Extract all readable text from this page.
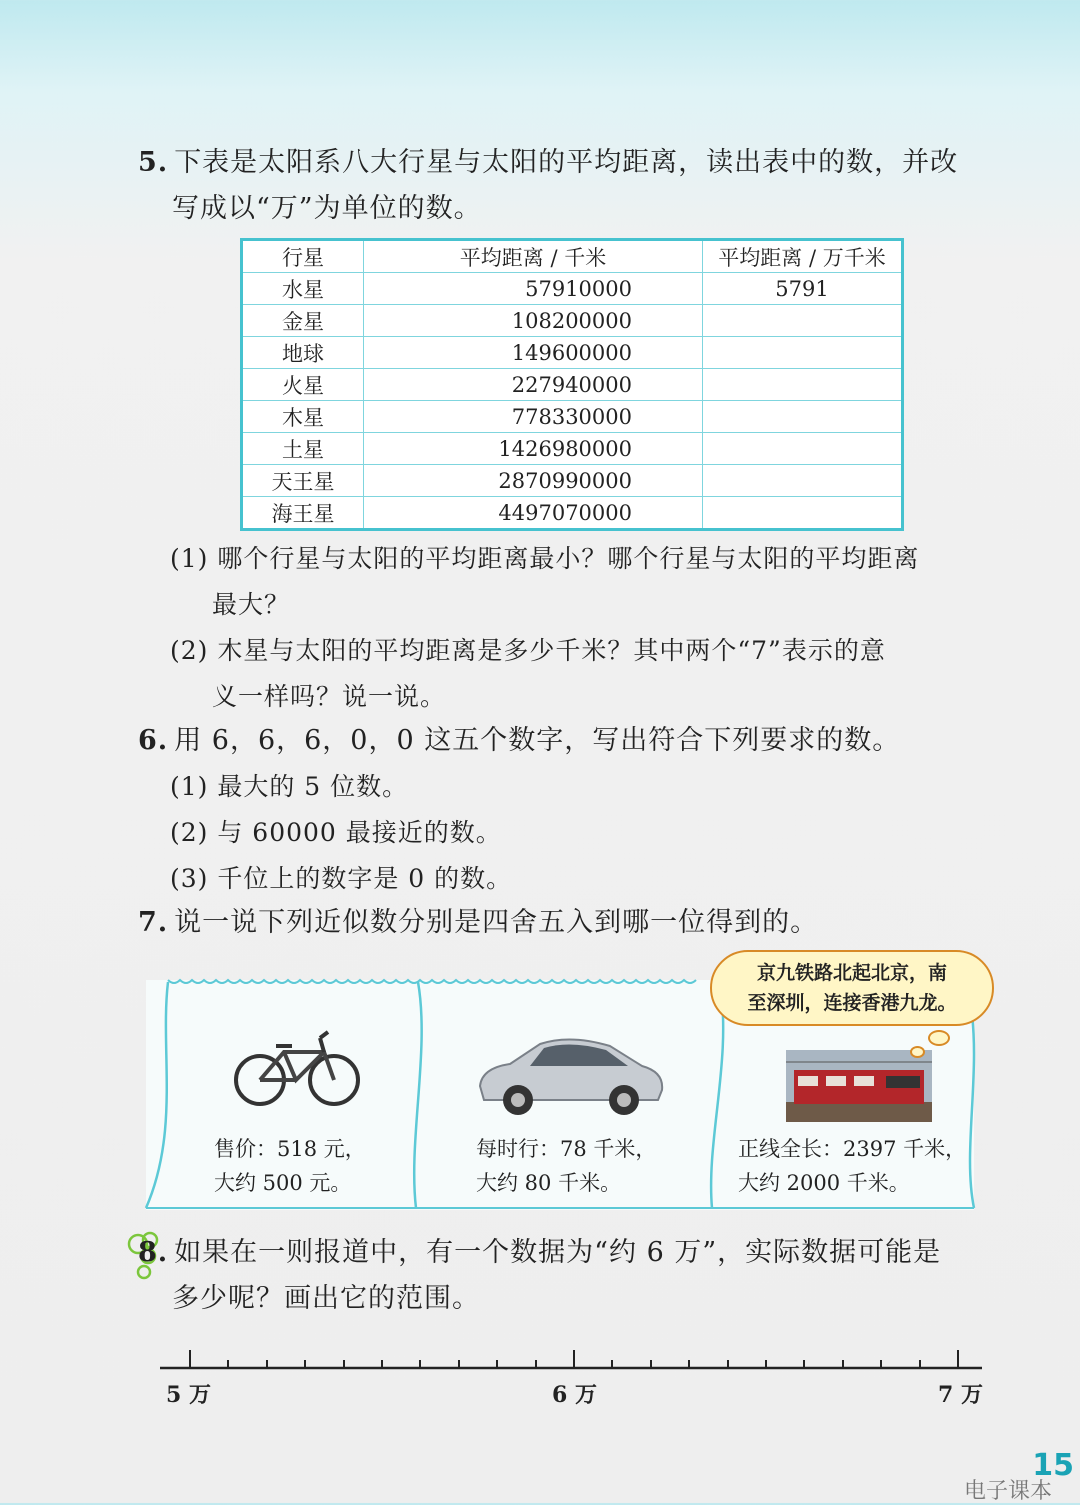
5. 下表是太阳系八大行星与太阳的平均距离，读出表中的数，并改
写成以“万”为单位的数。
行星	平均距离 / 千米	平均距离 / 万千米
水星	57910000	5791
金星	108200000	
地球	149600000	
火星	227940000	
木星	778330000	
土星	1426980000	
天王星	2870990000	
海王星	4497070000	
(1) 哪个行星与太阳的平均距离最小？哪个行星与太阳的平均距离
最大？
(2) 木星与太阳的平均距离是多少千米？其中两个“7”表示的意
义一样吗？说一说。
6. 用 6，6，6，0，0 这五个数字，写出符合下列要求的数。
(1) 最大的 5 位数。
(2) 与 60000 最接近的数。
(3) 千位上的数字是 0 的数。
7. 说一说下列近似数分别是四舍五入到哪一位得到的。
售价：518 元，
大约 500 元。
每时行：78 千米，
大约 80 千米。
正线全长：2397 千米，
大约 2000 千米。
京九铁路北起北京，南
至深圳，连接香港九龙。
8. 如果在一则报道中，有一个数据为“约 6 万”，实际数据可能是
多少呢？画出它的范围。
5 万	6 万	7 万
15
电子课本
